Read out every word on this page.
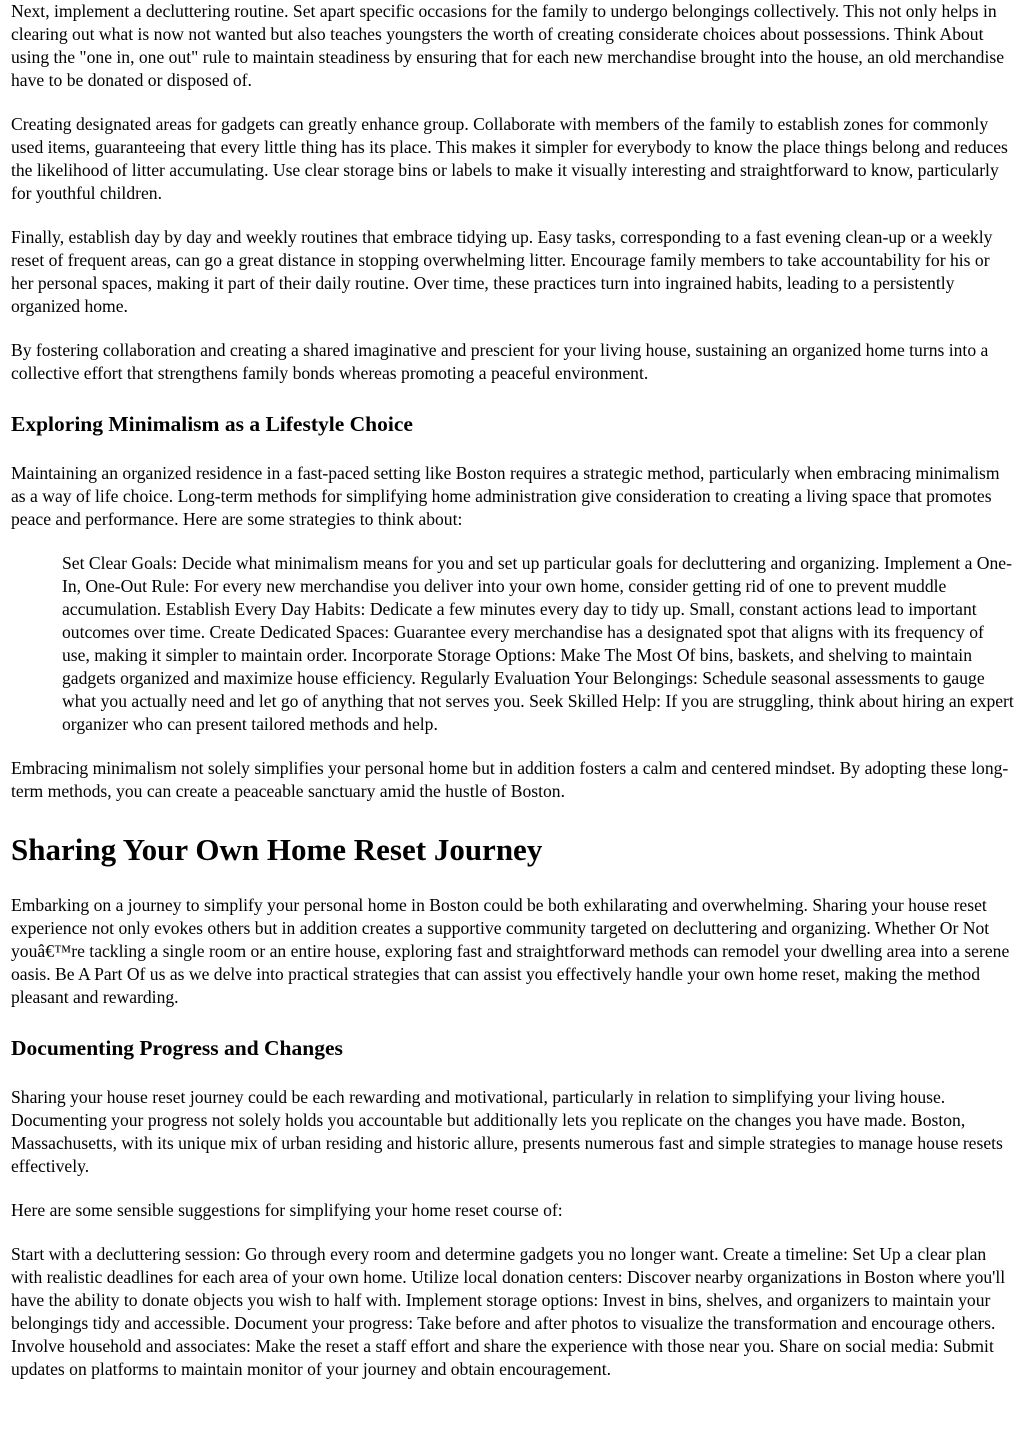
Next, implement a decluttering routine. Set apart specific occasions for the family to undergo belongings collectively. This not only helps in clearing out what is now not wanted but also teaches youngsters the worth of creating considerate choices about possessions. Think About using the "one in, one out" rule to maintain steadiness by ensuring that for each new merchandise brought into the house, an old merchandise have to be donated or disposed of.

Creating designated areas for gadgets can greatly enhance group. Collaborate with members of the family to establish zones for commonly used items, guaranteeing that every little thing has its place. This makes it simpler for everybody to know the place things belong and reduces the likelihood of litter accumulating. Use clear storage bins or labels to make it visually interesting and straightforward to know, particularly for youthful children.

Finally, establish day by day and weekly routines that embrace tidying up. Easy tasks, corresponding to a fast evening clean-up or a weekly reset of frequent areas, can go a great distance in stopping overwhelming litter. Encourage family members to take accountability for his or her personal spaces, making it part of their daily routine. Over time, these practices turn into ingrained habits, leading to a persistently organized home.

By fostering collaboration and creating a shared imaginative and prescient for your living house, sustaining an organized home turns into a collective effort that strengthens family bonds whereas promoting a peaceful environment.

Exploring Minimalism as a Lifestyle Choice

Maintaining an organized residence in a fast-paced setting like Boston requires a strategic method, particularly when embracing minimalism as a way of life choice. Long-term methods for simplifying home administration give consideration to creating a living space that promotes peace and performance. Here are some strategies to think about:

Set Clear Goals: Decide what minimalism means for you and set up particular goals for decluttering and organizing. Implement a One-In, One-Out Rule: For every new merchandise you deliver into your own home, consider getting rid of one to prevent muddle accumulation. Establish Every Day Habits: Dedicate a few minutes every day to tidy up. Small, constant actions lead to important outcomes over time. Create Dedicated Spaces: Guarantee every merchandise has a designated spot that aligns with its frequency of use, making it simpler to maintain order. Incorporate Storage Options: Make The Most Of bins, baskets, and shelving to maintain gadgets organized and maximize house efficiency. Regularly Evaluation Your Belongings: Schedule seasonal assessments to gauge what you actually need and let go of anything that not serves you. Seek Skilled Help: If you are struggling, think about hiring an expert organizer who can present tailored methods and help.

Embracing minimalism not solely simplifies your personal home but in addition fosters a calm and centered mindset. By adopting these long-term methods, you can create a peaceable sanctuary amid the hustle of Boston.

Sharing Your Own Home Reset Journey

Embarking on a journey to simplify your personal home in Boston could be both exhilarating and overwhelming. Sharing your house reset experience not only evokes others but in addition creates a supportive community targeted on decluttering and organizing. Whether Or Not youâ€™re tackling a single room or an entire house, exploring fast and straightforward methods can remodel your dwelling area into a serene oasis. Be A Part Of us as we delve into practical strategies that can assist you effectively handle your own home reset, making the method pleasant and rewarding.

Documenting Progress and Changes

Sharing your house reset journey could be each rewarding and motivational, particularly in relation to simplifying your living house. Documenting your progress not solely holds you accountable but additionally lets you replicate on the changes you have made. Boston, Massachusetts, with its unique mix of urban residing and historic allure, presents numerous fast and simple strategies to manage house resets effectively.

Here are some sensible suggestions for simplifying your home reset course of:

Start with a decluttering session: Go through every room and determine gadgets you no longer want. Create a timeline: Set Up a clear plan with realistic deadlines for each area of your own home. Utilize local donation centers: Discover nearby organizations in Boston where you'll have the ability to donate objects you wish to half with. Implement storage options: Invest in bins, shelves, and organizers to maintain your belongings tidy and accessible. Document your progress: Take before and after photos to visualize the transformation and encourage others. Involve household and associates: Make the reset a staff effort and share the experience with those near you. Share on social media: Submit updates on platforms to maintain monitor of your journey and obtain encouragement.
